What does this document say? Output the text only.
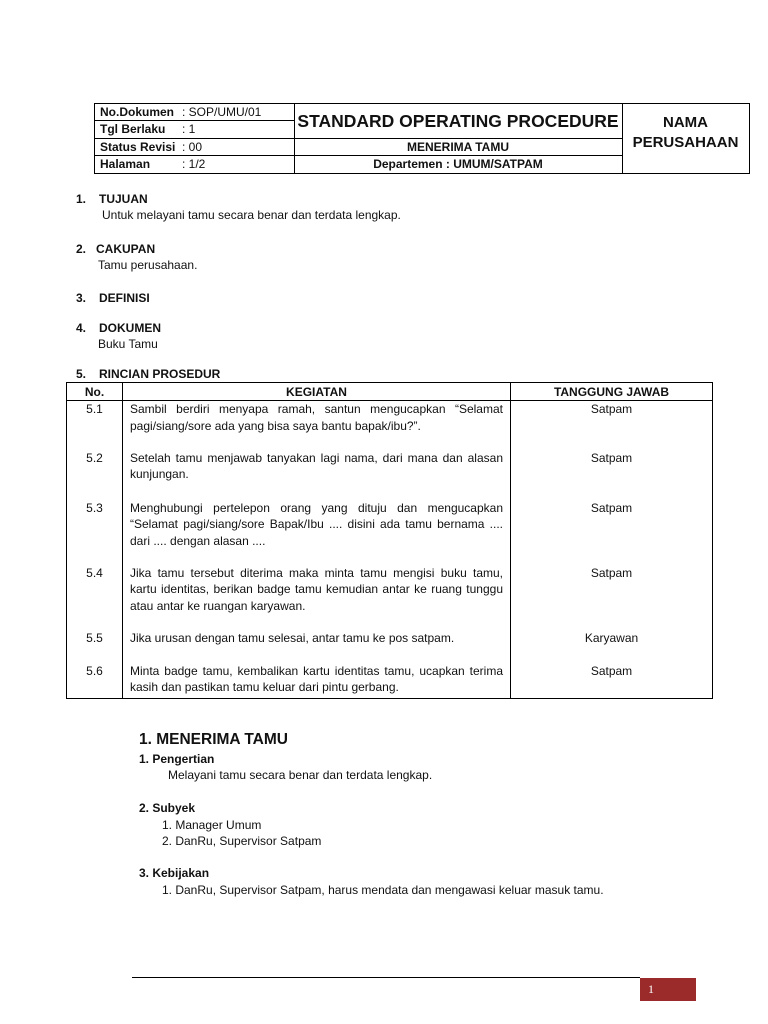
No.Dokumen : SOP/UMU/01
Tgl Berlaku : 1
Status Revisi : 00
Halaman	: 1/2
STANDARD OPERATING PROCEDURE
MENERIMA TAMU
Departemen : UMUM/SATPAM
NAMA
PERUSAHAAN
1. TUJUAN
Untuk melayani tamu secara benar dan terdata lengkap.
2. CAKUPAN
Tamu perusahaan.
3. DEFINISI
4. DOKUMEN
Buku Tamu
5. RINCIAN PROSEDUR
No.	KEGIATAN	TANGGUNG JAWAB
5.1	Sambil berdiri menyapa ramah, santun mengucapkan “Selamat pagi/siang/sore ada yang bisa saya bantu bapak/ibu?”.	Satpam
5.2	Setelah tamu menjawab tanyakan lagi nama, dari mana dan alasan kunjungan.	Satpam
5.3	Menghubungi pertelepon orang yang dituju dan mengucapkan “Selamat pagi/siang/sore Bapak/Ibu .... disini ada tamu bernama .... dari .... dengan alasan ....	Satpam
5.4	Jika tamu tersebut diterima maka minta tamu mengisi buku tamu, kartu identitas, berikan badge tamu kemudian antar ke ruang tunggu atau antar ke ruangan karyawan.	Satpam
5.5	Jika urusan dengan tamu selesai, antar tamu ke pos satpam.	Karyawan
5.6	Minta badge tamu, kembalikan kartu identitas tamu, ucapkan terima kasih dan pastikan tamu keluar dari pintu gerbang.	Satpam
1. MENERIMA TAMU
1. Pengertian
Melayani tamu secara benar dan terdata lengkap.
2. Subyek
1. Manager Umum
2. DanRu, Supervisor Satpam
3. Kebijakan
1. DanRu, Supervisor Satpam, harus mendata dan mengawasi keluar masuk tamu.
1
